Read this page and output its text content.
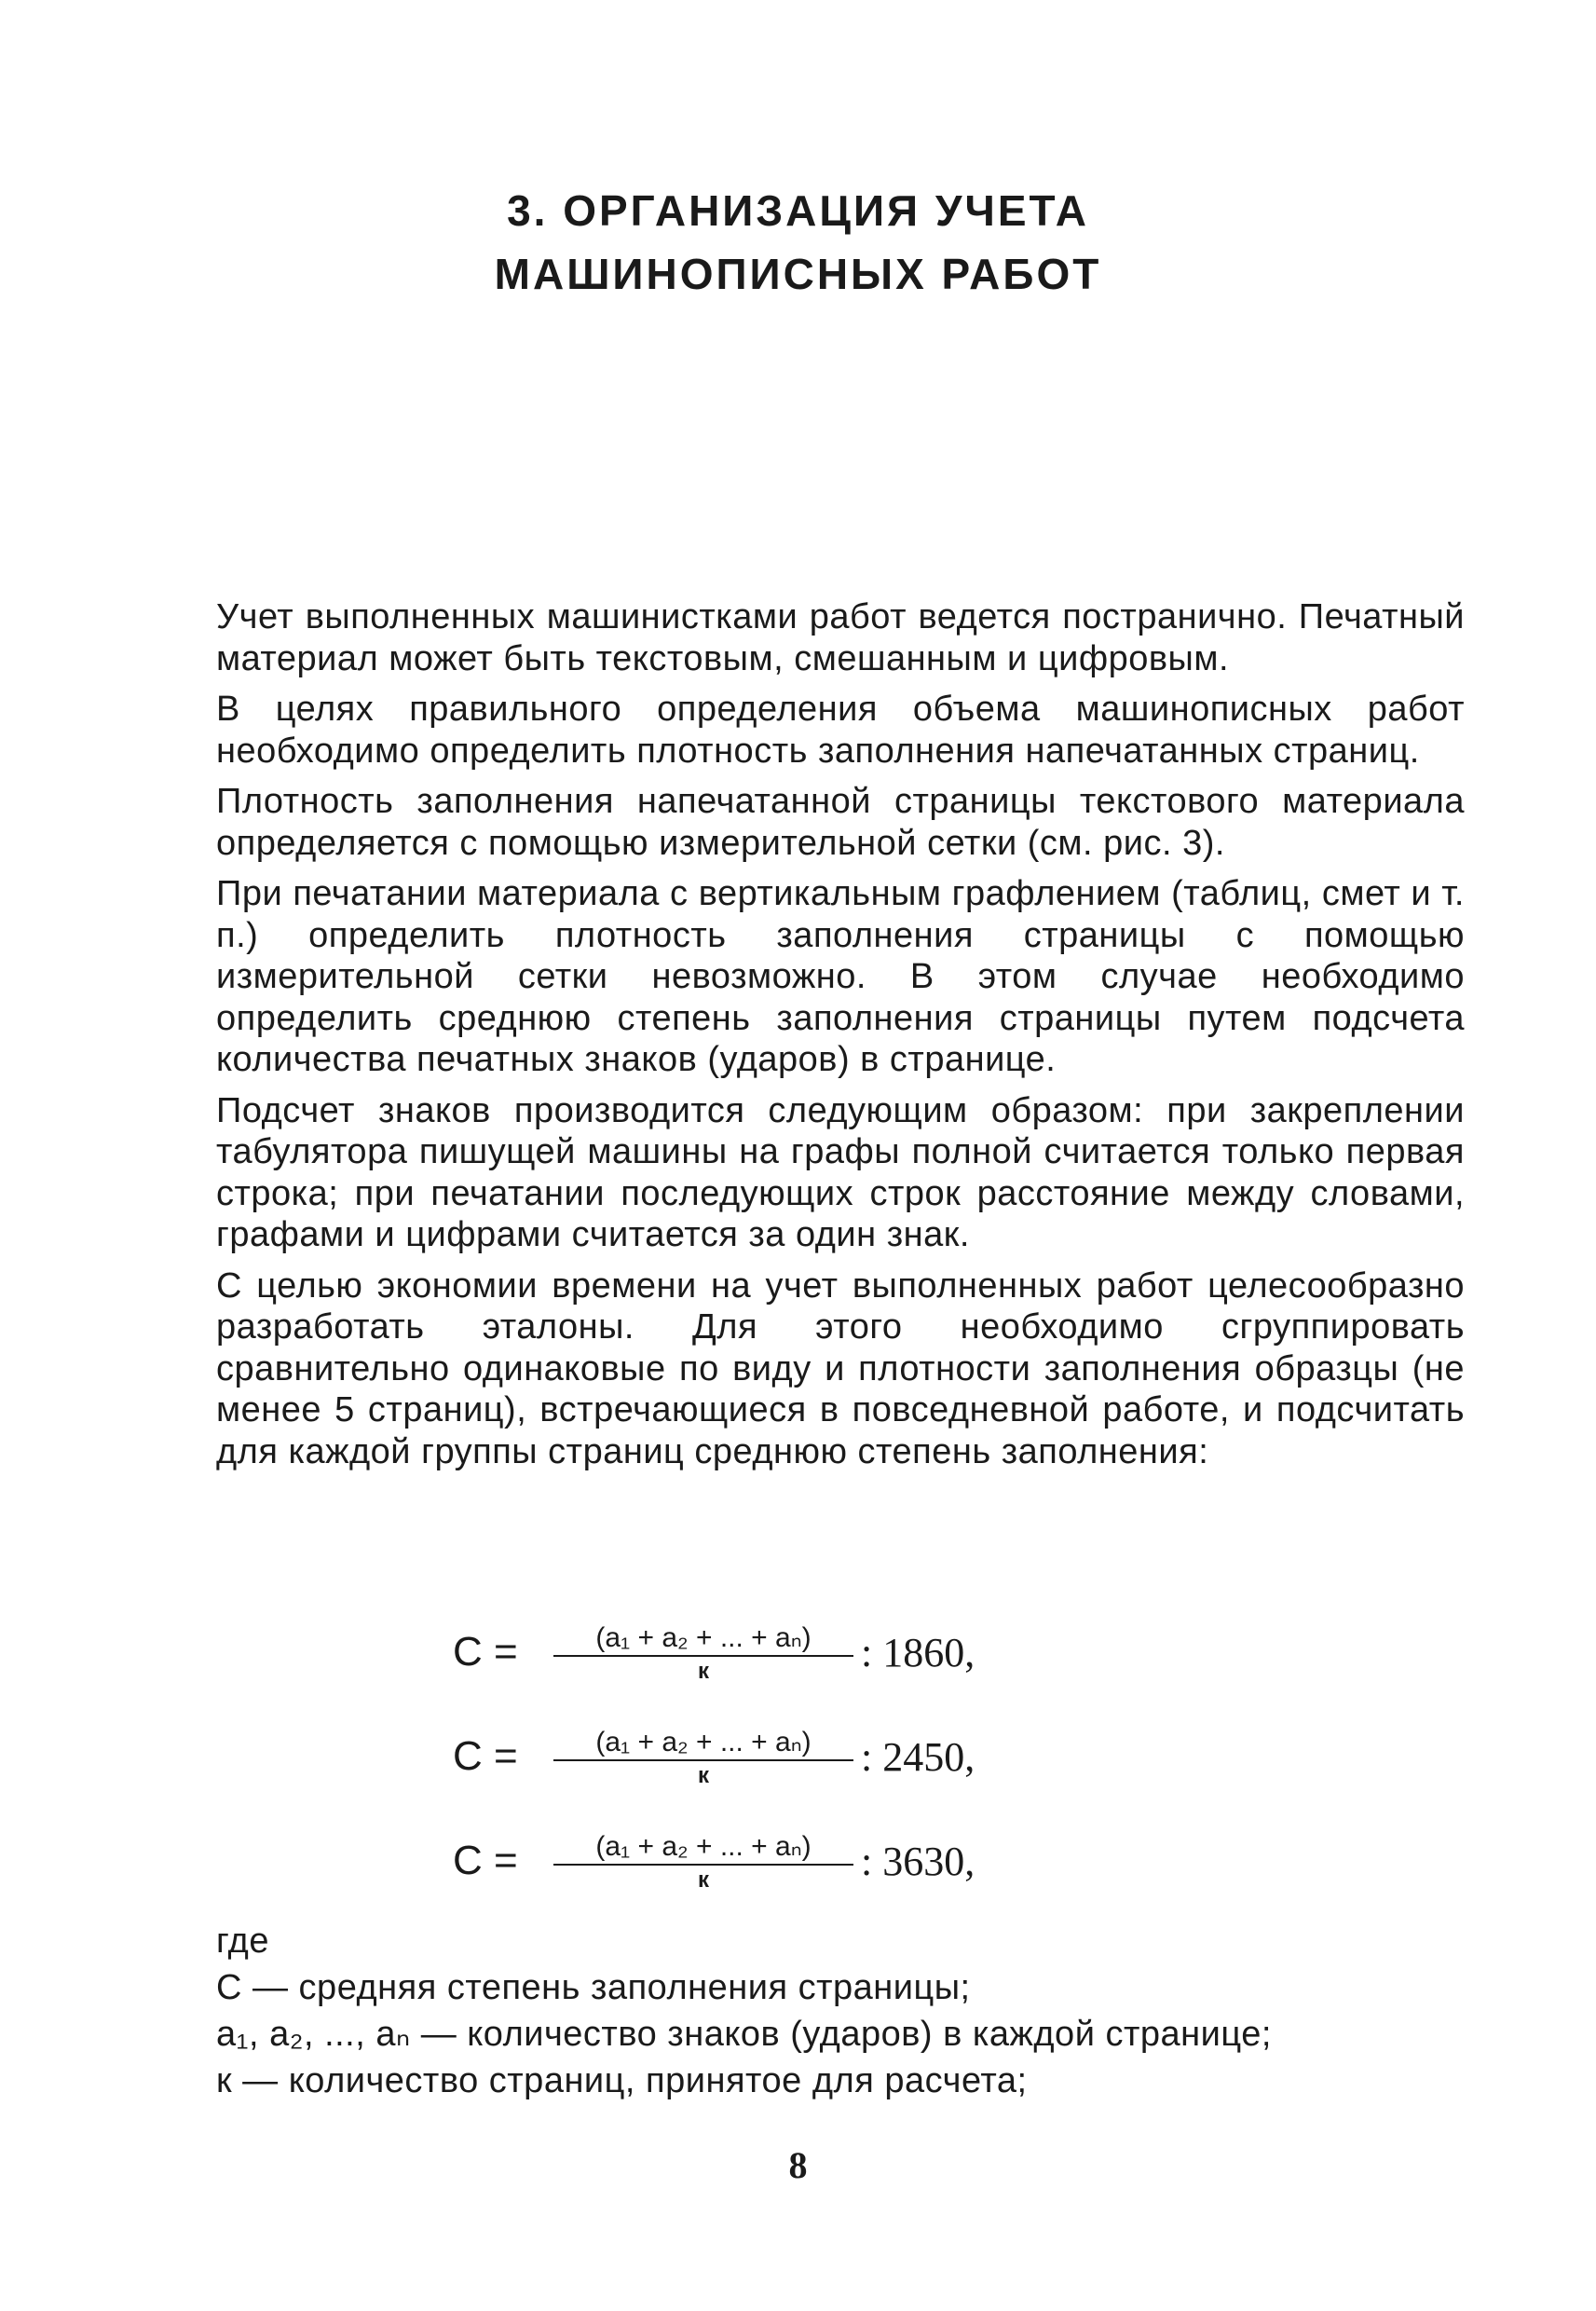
3. ОРГАНИЗАЦИЯ УЧЕТА
МАШИНОПИСНЫХ РАБОТ

Учет выполненных машинистками работ ведется постранично. Печатный материал может быть текстовым, смешанным и цифровым.

В целях правильного определения объема машинописных работ необходимо определить плотность заполнения напечатанных страниц.

Плотность заполнения напечатанной страницы текстового материала определяется с помощью измерительной сетки (см. рис. 3).

При печатании материала с вертикальным графлением (таблиц, смет и т. п.) определить плотность заполнения страницы с помощью измерительной сетки невозможно. В этом случае необходимо определить среднюю степень заполнения страницы путем подсчета количества печатных знаков (ударов) в странице.

Подсчет знаков производится следующим образом: при закреплении табулятора пишущей машины на графы полной считается только первая строка; при печатании последующих строк расстояние между словами, графами и цифрами считается за один знак.

С целью экономии времени на учет выполненных работ целесообразно разработать эталоны. Для этого необходимо сгруппировать сравнительно одинаковые по виду и плотности заполнения образцы (не менее 5 страниц), встречающиеся в повседневной работе, и подсчитать для каждой группы страниц среднюю степень заполнения:

C =	(a₁ + a₂ + ... + aₙ)
к	: 1860,
C =	(a₁ + a₂ + ... + aₙ)
к	: 2450,
C =	(a₁ + a₂ + ... + aₙ)
к	: 3630,
где
С — средняя степень заполнения страницы;
a₁, a₂, ..., aₙ — количество знаков (ударов) в каждой странице;
к — количество страниц, принятое для расчета;
8
